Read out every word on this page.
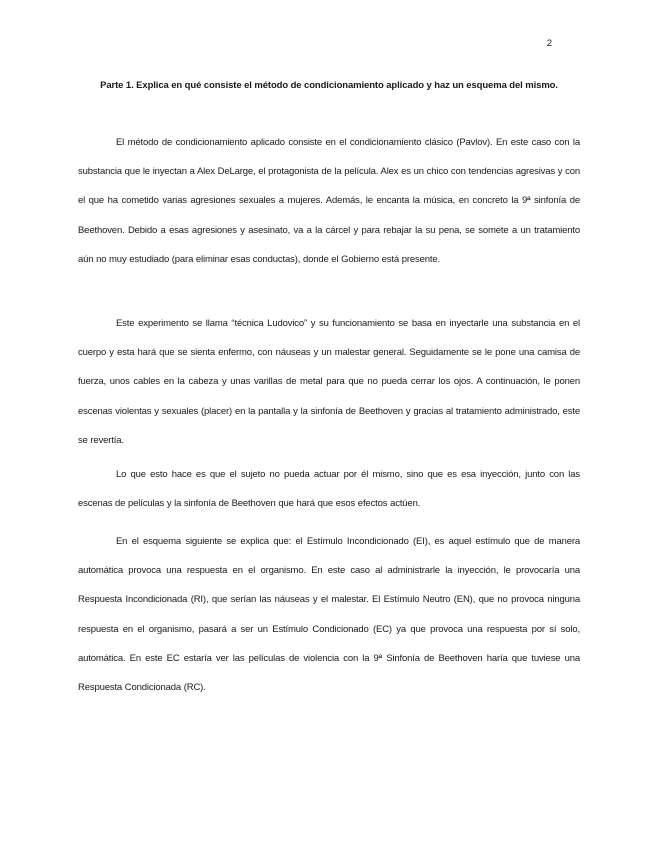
2
Parte 1. Explica en qué consiste el método de condicionamiento aplicado y haz un esquema del mismo.

El método de condicionamiento aplicado consiste en el condicionamiento clásico (Pavlov). En este caso con la substancia que le inyectan a Alex DeLarge, el protagonista de la película. Alex es un chico con tendencias agresivas y con el que ha cometido varias agresiones sexuales a mujeres. Además, le encanta la música, en concreto la 9ª sinfonía de Beethoven. Debido a esas agresiones y asesinato, va a la cárcel y para rebajar la su pena, se somete a un tratamiento aún no muy estudiado (para eliminar esas conductas), donde el Gobierno está presente.

Este experimento se llama “técnica Ludovico” y su funcionamiento se basa en inyectarle una substancia en el cuerpo y esta hará que se sienta enfermo, con náuseas y un malestar general. Seguidamente se le pone una camisa de fuerza, unos cables en la cabeza y unas varillas de metal para que no pueda cerrar los ojos. A continuación, le ponen escenas violentas y sexuales (placer) en la pantalla y la sinfonía de Beethoven y gracias al tratamiento administrado, este se revertía.

Lo que esto hace es que el sujeto no pueda actuar por él mismo, sino que es esa inyección, junto con las escenas de películas y la sinfonía de Beethoven que hará que esos efectos actúen.

En el esquema siguiente se explica que: el Estímulo Incondicionado (EI), es aquel estímulo que de manera automática provoca una respuesta en el organismo. En este caso al administrarle la inyección, le provocaría una Respuesta Incondicionada (RI), que serían las náuseas y el malestar. El Estímulo Neutro (EN), que no provoca ninguna respuesta en el organismo, pasará a ser un Estímulo Condicionado (EC) ya que provoca una respuesta por sí solo, automática. En este EC estaría ver las películas de violencia con la 9ª Sinfonía de Beethoven haría que tuviese una Respuesta Condicionada (RC).
